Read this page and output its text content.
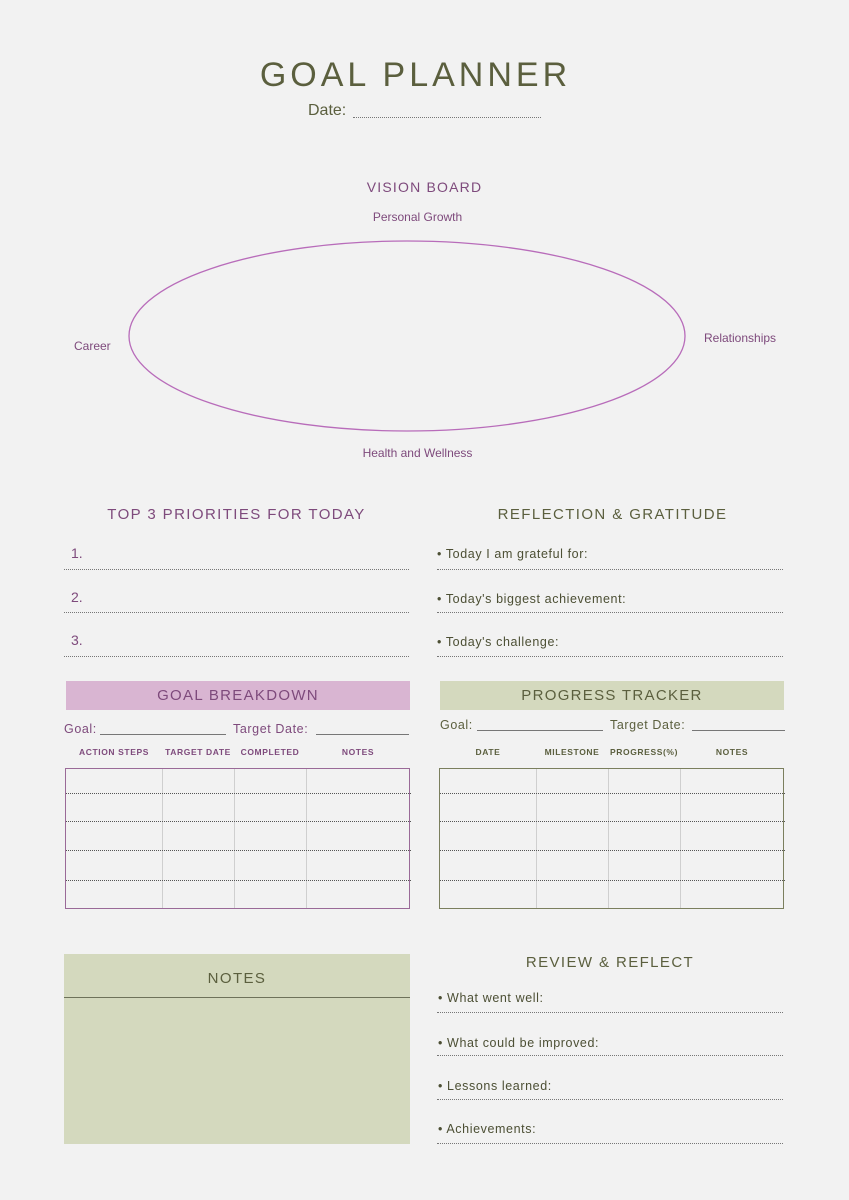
GOAL PLANNER
Date:
VISION BOARD
Personal Growth
Career
Relationships
Health and Wellness
TOP 3 PRIORITIES FOR TODAY
1.
2.
3.
REFLECTION & GRATITUDE
• Today I am grateful for:
• Today's biggest achievement:
• Today's challenge:
GOAL BREAKDOWN
Goal:	Target Date:
ACTION STEPS	TARGET DATE	COMPLETED	NOTES
PROGRESS TRACKER
Goal:	Target Date:
DATE	MILESTONE	PROGRESS(%)	NOTES
NOTES
REVIEW & REFLECT
• What went well:
• What could be improved:
• Lessons learned:
• Achievements:
